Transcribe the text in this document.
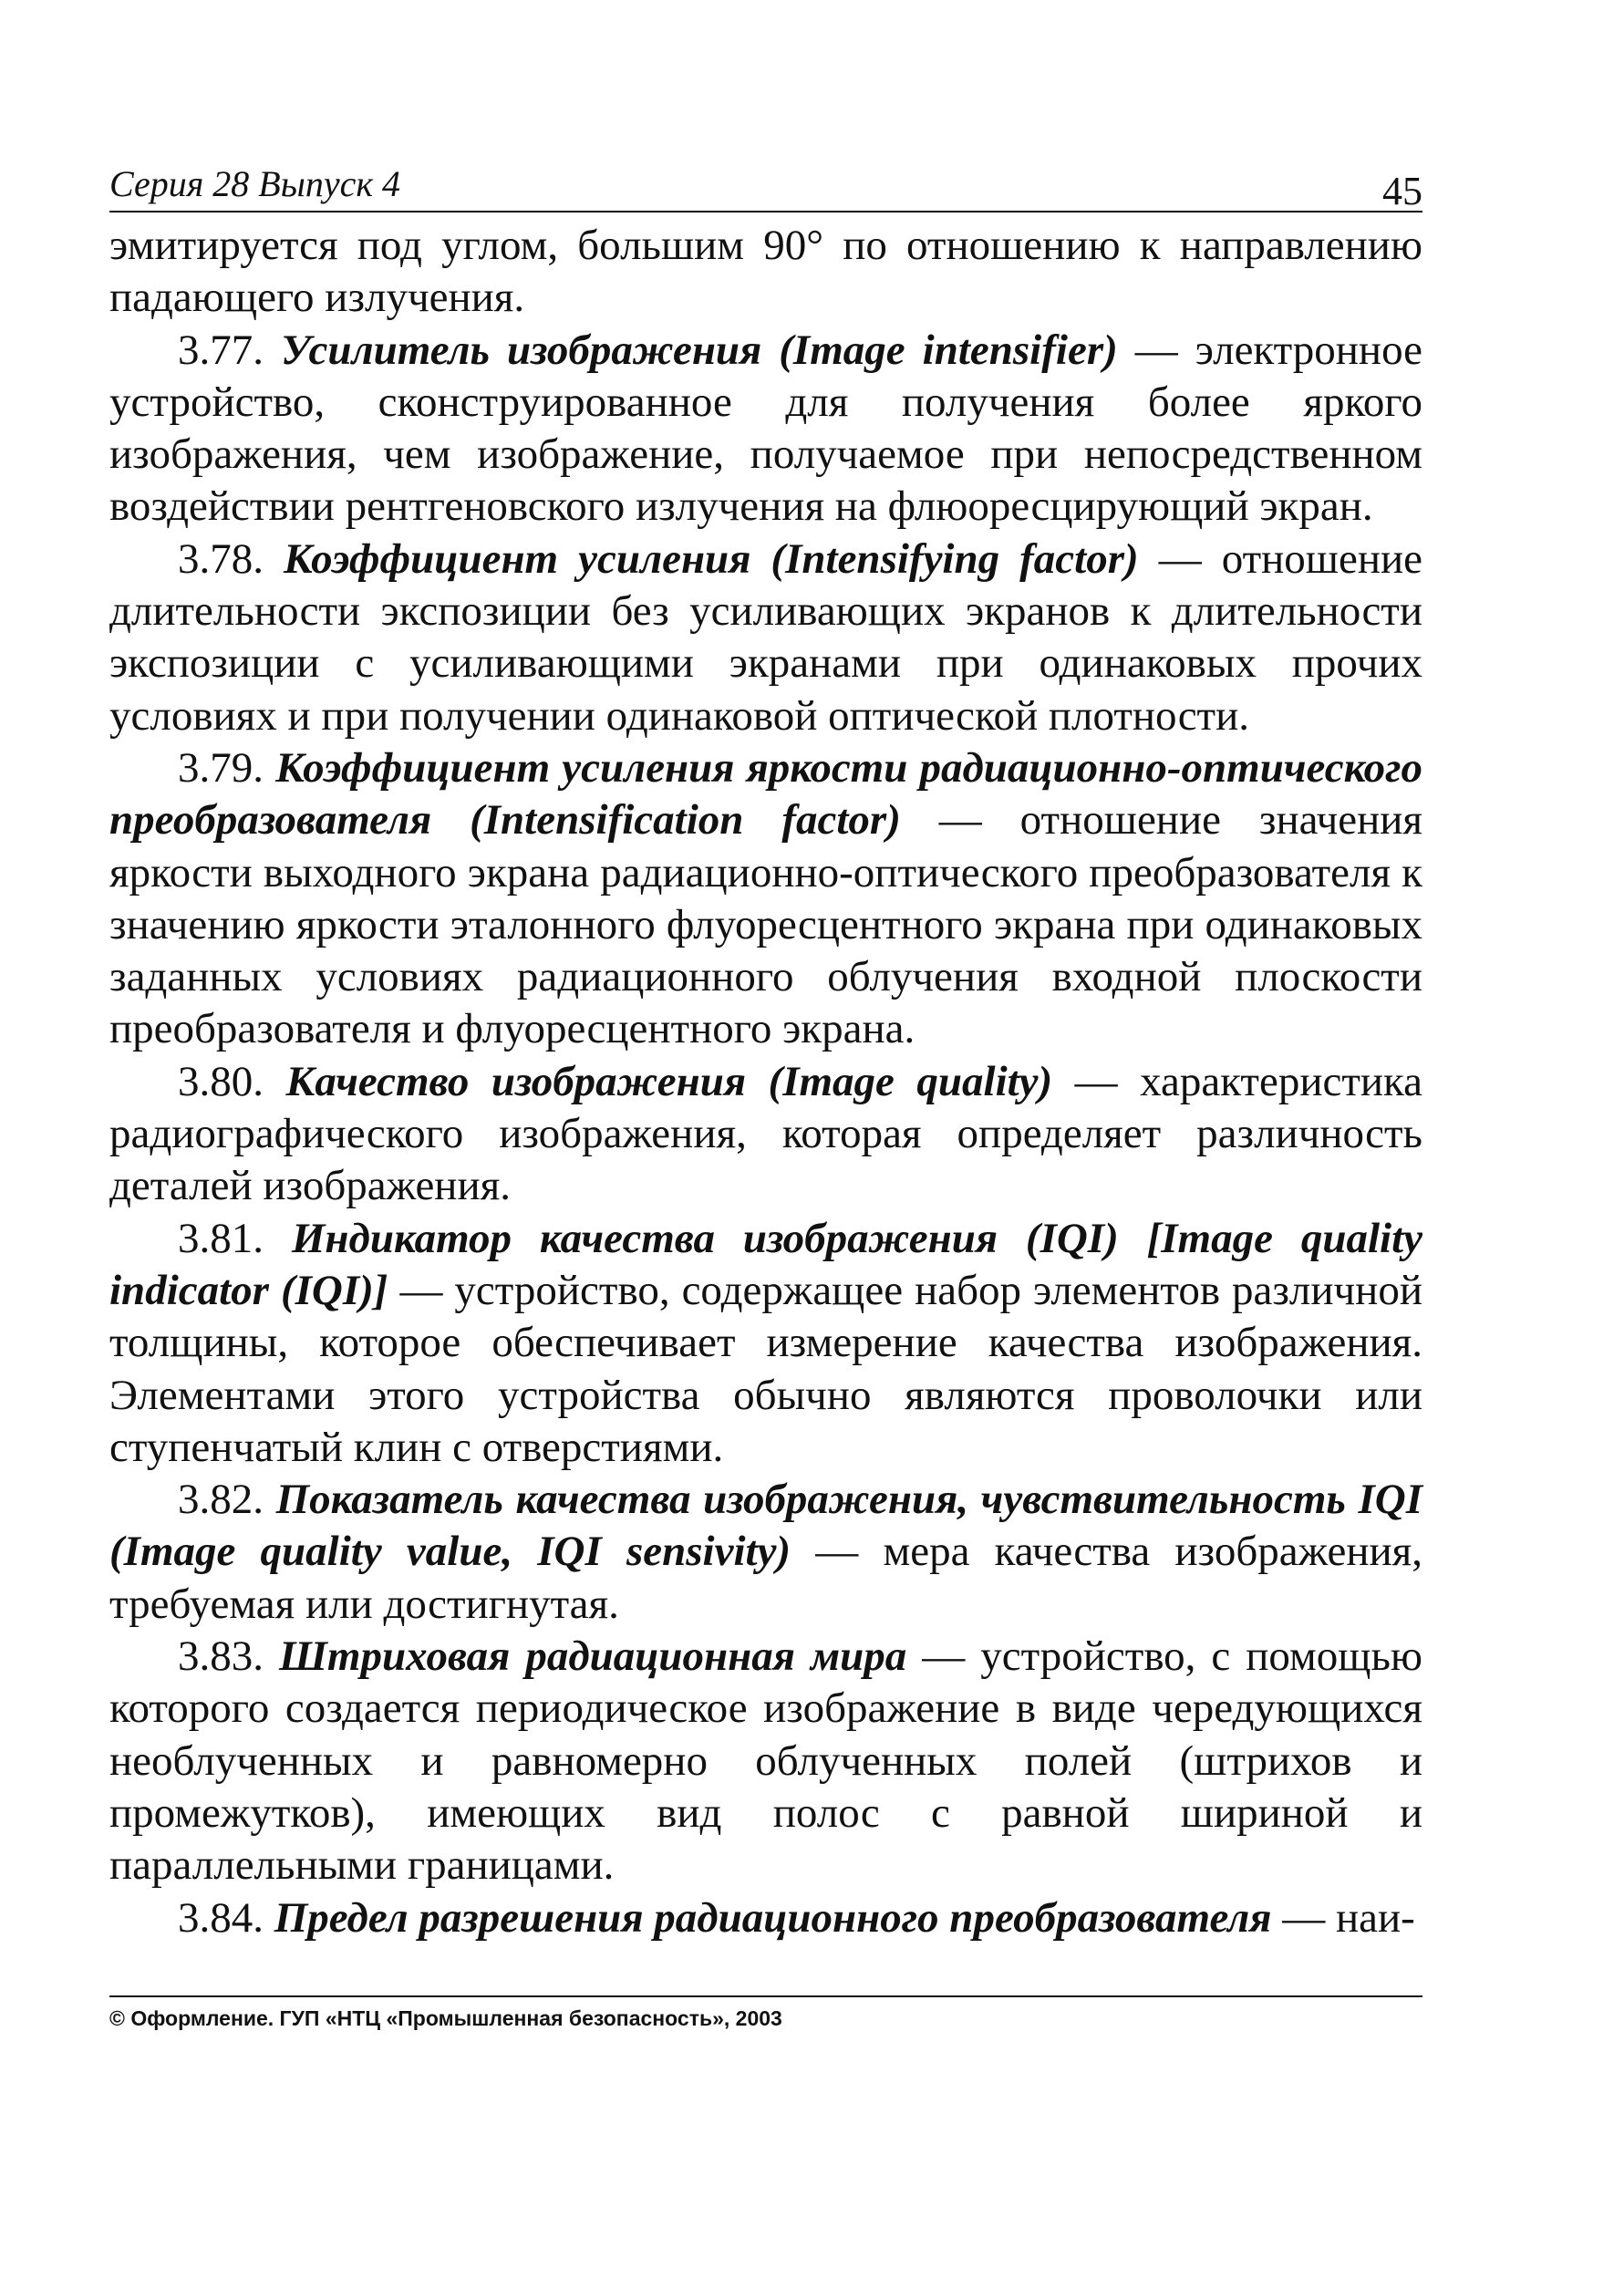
Серия 28 Выпуск 4	45

эмитируется под углом, большим 90° по отношению к направлению падающего излучения.

3.77. Усилитель изображения (Image intensifier) — электронное устройство, сконструированное для получения более яркого изображения, чем изображение, получаемое при непосредственном воздействии рентгеновского излучения на флюоресцирующий экран.

3.78. Коэффициент усиления (Intensifying factor) — отношение длительности экспозиции без усиливающих экранов к длительности экспозиции с усиливающими экранами при одинаковых прочих условиях и при получении одинаковой оптической плотности.

3.79. Коэффициент усиления яркости радиационно-оптического преобразователя (Intensification factor) — отношение значения яркости выходного экрана радиационно-оптического преобразователя к значению яркости эталонного флуоресцентного экрана при одинаковых заданных условиях радиационного облучения входной плоскости преобразователя и флуоресцентного экрана.

3.80. Качество изображения (Image quality) — характеристика радиографического изображения, которая определяет различность деталей изображения.

3.81. Индикатор качества изображения (IQI) [Image quality indicator (IQI)] — устройство, содержащее набор элементов различной толщины, которое обеспечивает измерение качества изображения. Элементами этого устройства обычно являются проволочки или ступенчатый клин с отверстиями.

3.82. Показатель качества изображения, чувствительность IQI (Image quality value, IQI sensivity) — мера качества изображения, требуемая или достигнутая.

3.83. Штриховая радиационная мира — устройство, с помощью которого создается периодическое изображение в виде чередующихся необлученных и равномерно облученных полей (штрихов и промежутков), имеющих вид полос с равной шириной и параллельными границами.

3.84. Предел разрешения радиационного преобразователя — наи-

© Оформление. ГУП «НТЦ «Промышленная безопасность», 2003
